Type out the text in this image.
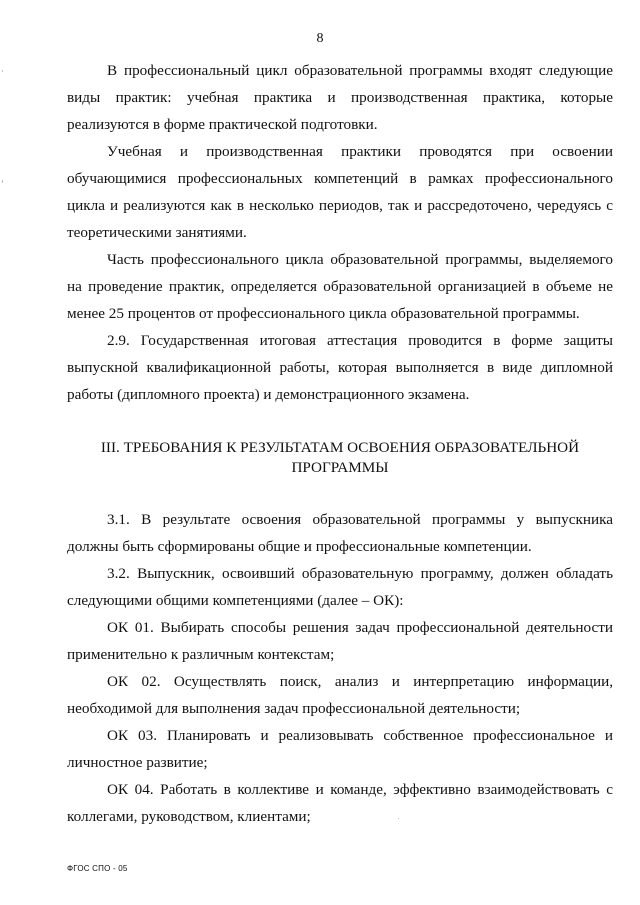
8

В профессиональный цикл образовательной программы входят следующие виды практик: учебная практика и производственная практика, которые реализуются в форме практической подготовки.

Учебная и производственная практики проводятся при освоении обучающимися профессиональных компетенций в рамках профессионального цикла и реализуются как в несколько периодов, так и рассредоточено, чередуясь с теоретическими занятиями.

Часть профессионального цикла образовательной программы, выделяемого на проведение практик, определяется образовательной организацией в объеме не менее 25 процентов от профессионального цикла образовательной программы.

2.9. Государственная итоговая аттестация проводится в форме защиты выпускной квалификационной работы, которая выполняется в виде дипломной работы (дипломного проекта) и демонстрационного экзамена.

III. ТРЕБОВАНИЯ К РЕЗУЛЬТАТАМ ОСВОЕНИЯ ОБРАЗОВАТЕЛЬНОЙ
ПРОГРАММЫ

3.1. В результате освоения образовательной программы у выпускника должны быть сформированы общие и профессиональные компетенции.

3.2. Выпускник, освоивший образовательную программу, должен обладать следующими общими компетенциями (далее – ОК):

ОК 01. Выбирать способы решения задач профессиональной деятельности применительно к различным контекстам;

ОК 02. Осуществлять поиск, анализ и интерпретацию информации, необходимой для выполнения задач профессиональной деятельности;

ОК 03. Планировать и реализовывать собственное профессиональное и личностное развитие;

ОК 04. Работать в коллективе и команде, эффективно взаимодействовать с коллегами, руководством, клиентами;

ФГОС СПО - 05
